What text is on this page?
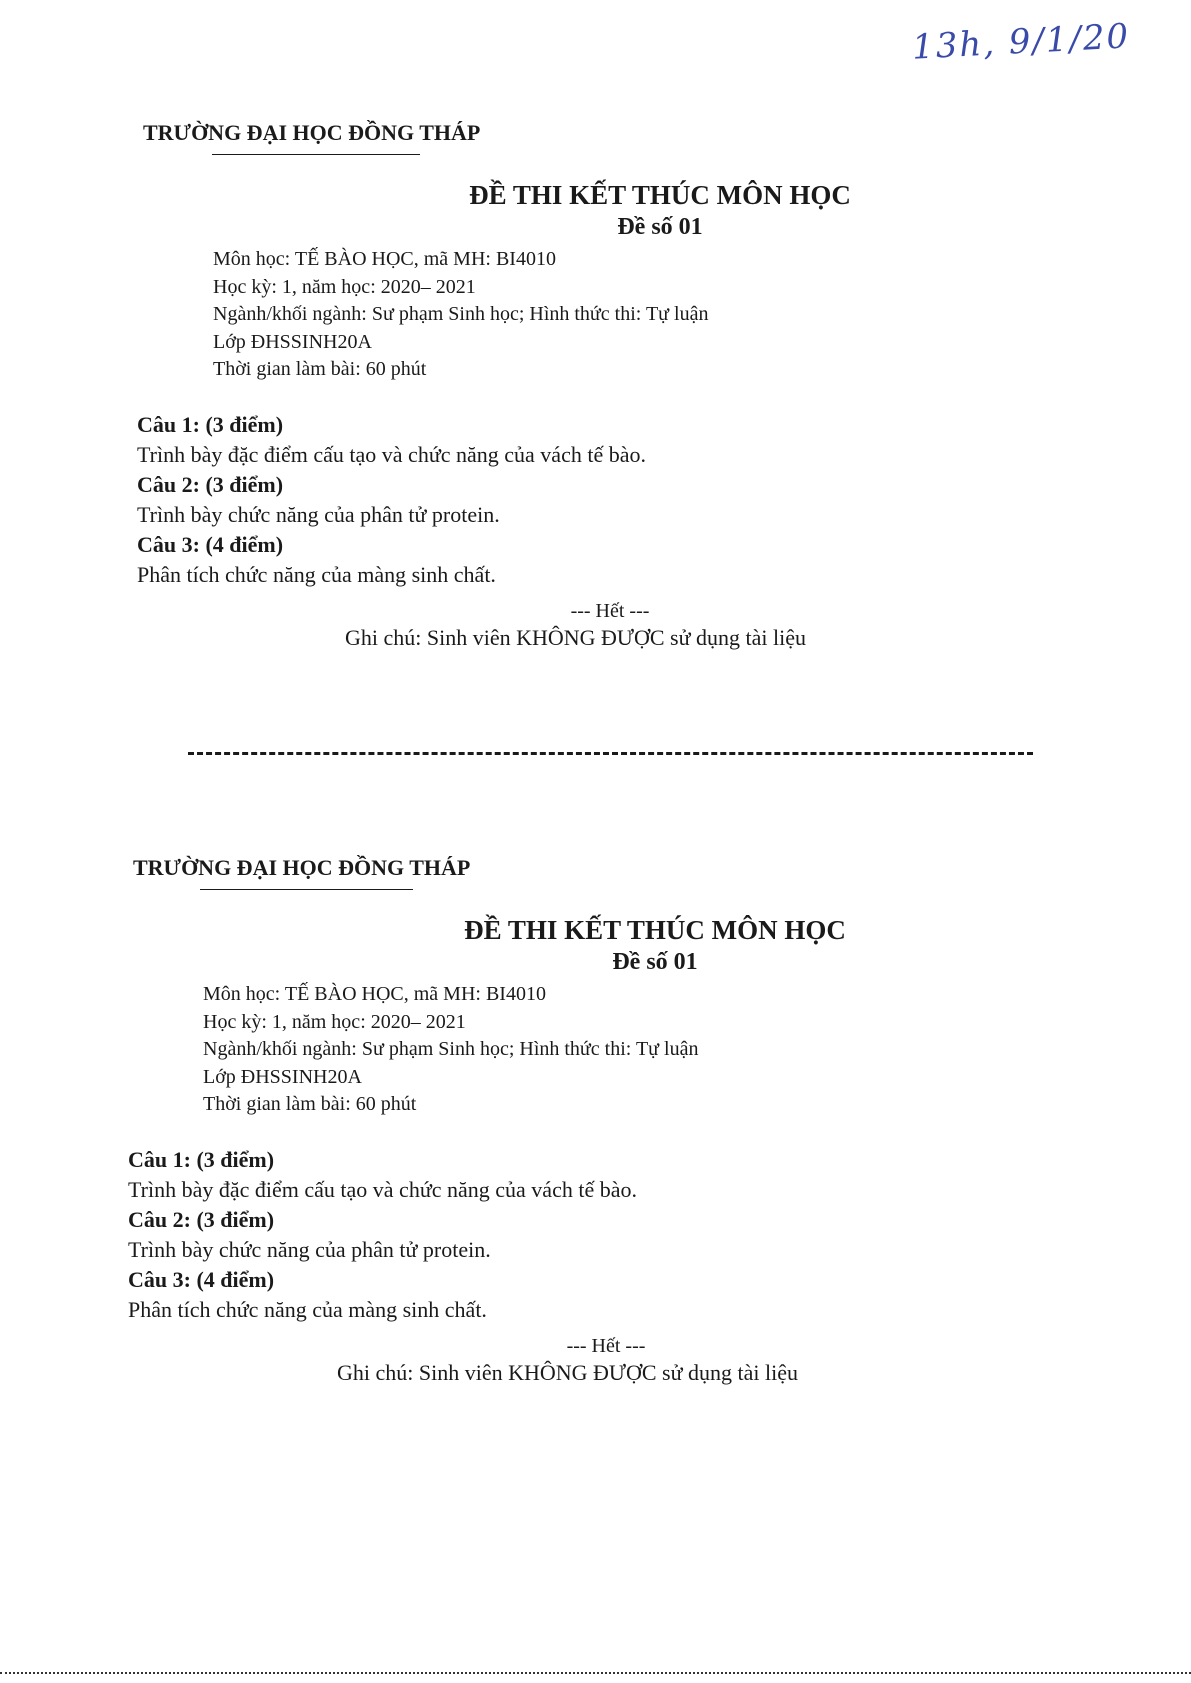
13h, 9/1/20

TRƯỜNG ĐẠI HỌC ĐỒNG THÁP

ĐỀ THI KẾT THÚC MÔN HỌC
Đề số 01
Môn học: TẾ BÀO HỌC, mã MH: BI4010
Học kỳ: 1, năm học: 2020– 2021
Ngành/khối ngành: Sư phạm Sinh học; Hình thức thi: Tự luận
Lớp ĐHSSINH20A
Thời gian làm bài: 60 phút
Câu 1: (3 điểm)
Trình bày đặc điểm cấu tạo và chức năng của vách tế bào.
Câu 2: (3 điểm)
Trình bày chức năng của phân tử protein.
Câu 3: (4 điểm)
Phân tích chức năng của màng sinh chất.
--- Hết ---
Ghi chú: Sinh viên KHÔNG ĐƯỢC sử dụng tài liệu

TRƯỜNG ĐẠI HỌC ĐỒNG THÁP

ĐỀ THI KẾT THÚC MÔN HỌC
Đề số 01
Môn học: TẾ BÀO HỌC, mã MH: BI4010
Học kỳ: 1, năm học: 2020– 2021
Ngành/khối ngành: Sư phạm Sinh học; Hình thức thi: Tự luận
Lớp ĐHSSINH20A
Thời gian làm bài: 60 phút
Câu 1: (3 điểm)
Trình bày đặc điểm cấu tạo và chức năng của vách tế bào.
Câu 2: (3 điểm)
Trình bày chức năng của phân tử protein.
Câu 3: (4 điểm)
Phân tích chức năng của màng sinh chất.
--- Hết ---
Ghi chú: Sinh viên KHÔNG ĐƯỢC sử dụng tài liệu
